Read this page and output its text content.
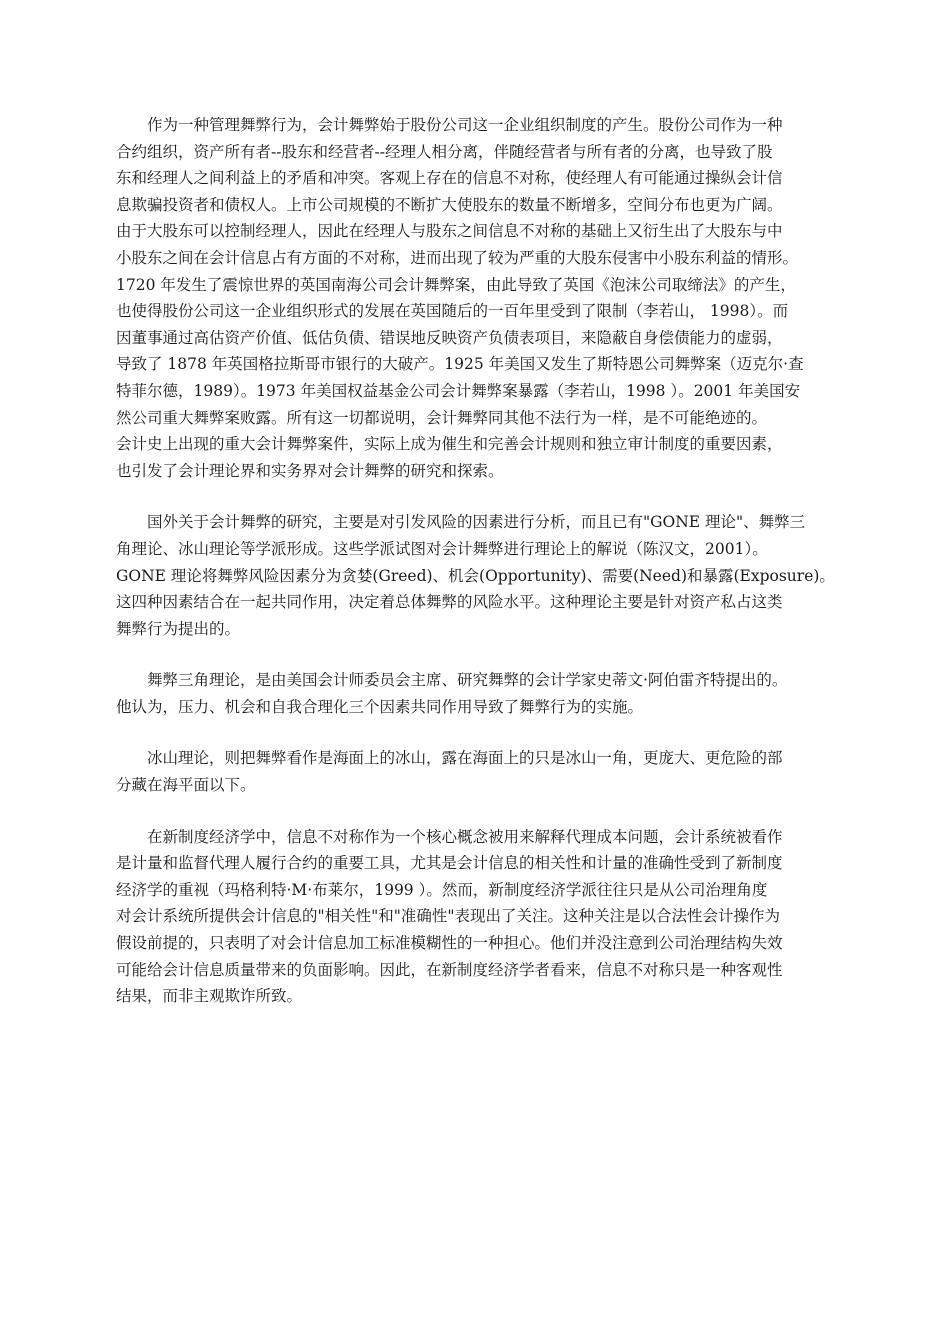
　　作为一种管理舞弊行为，会计舞弊始于股份公司这一企业组织制度的产生。股份公司作为一种
合约组织，资产所有者--股东和经营者--经理人相分离，伴随经营者与所有者的分离，也导致了股
东和经理人之间利益上的矛盾和冲突。客观上存在的信息不对称，使经理人有可能通过操纵会计信
息欺骗投资者和债权人。上市公司规模的不断扩大使股东的数量不断增多，空间分布也更为广阔。
由于大股东可以控制经理人，因此在经理人与股东之间信息不对称的基础上又衍生出了大股东与中
小股东之间在会计信息占有方面的不对称，进而出现了较为严重的大股东侵害中小股东利益的情形。
1720 年发生了震惊世界的英国南海公司会计舞弊案，由此导致了英国《泡沫公司取缔法》的产生，
也使得股份公司这一企业组织形式的发展在英国随后的一百年里受到了限制（李若山， 1998）。而
因董事通过高估资产价值、低估负债、错误地反映资产负债表项目，来隐蔽自身偿债能力的虚弱，
导致了 1878 年英国格拉斯哥市银行的大破产。1925 年美国又发生了斯特恩公司舞弊案（迈克尔·查
特菲尔德，1989）。1973 年美国权益基金公司会计舞弊案暴露（李若山，1998 ）。2001 年美国安
然公司重大舞弊案败露。所有这一切都说明，会计舞弊同其他不法行为一样，是不可能绝迹的。
会计史上出现的重大会计舞弊案件，实际上成为催生和完善会计规则和独立审计制度的重要因素，
也引发了会计理论界和实务界对会计舞弊的研究和探索。
　　国外关于会计舞弊的研究，主要是对引发风险的因素进行分析，而且已有"GONE 理论"、舞弊三
角理论、冰山理论等学派形成。这些学派试图对会计舞弊进行理论上的解说（陈汉文，2001）。
GONE 理论将舞弊风险因素分为贪婪(Greed)、机会(Opportunity)、需要(Need)和暴露(Exposure)。
这四种因素结合在一起共同作用，决定着总体舞弊的风险水平。这种理论主要是针对资产私占这类
舞弊行为提出的。
　　舞弊三角理论，是由美国会计师委员会主席、研究舞弊的会计学家史蒂文·阿伯雷齐特提出的。
他认为，压力、机会和自我合理化三个因素共同作用导致了舞弊行为的实施。
　　冰山理论，则把舞弊看作是海面上的冰山，露在海面上的只是冰山一角，更庞大、更危险的部
分藏在海平面以下。
　　在新制度经济学中，信息不对称作为一个核心概念被用来解释代理成本问题，会计系统被看作
是计量和监督代理人履行合约的重要工具，尤其是会计信息的相关性和计量的准确性受到了新制度
经济学的重视（玛格利特·M·布莱尔，1999 ）。然而，新制度经济学派往往只是从公司治理角度
对会计系统所提供会计信息的"相关性"和"准确性"表现出了关注。这种关注是以合法性会计操作为
假设前提的，只表明了对会计信息加工标准模糊性的一种担心。他们并没注意到公司治理结构失效
可能给会计信息质量带来的负面影响。因此，在新制度经济学者看来，信息不对称只是一种客观性
结果，而非主观欺诈所致。
